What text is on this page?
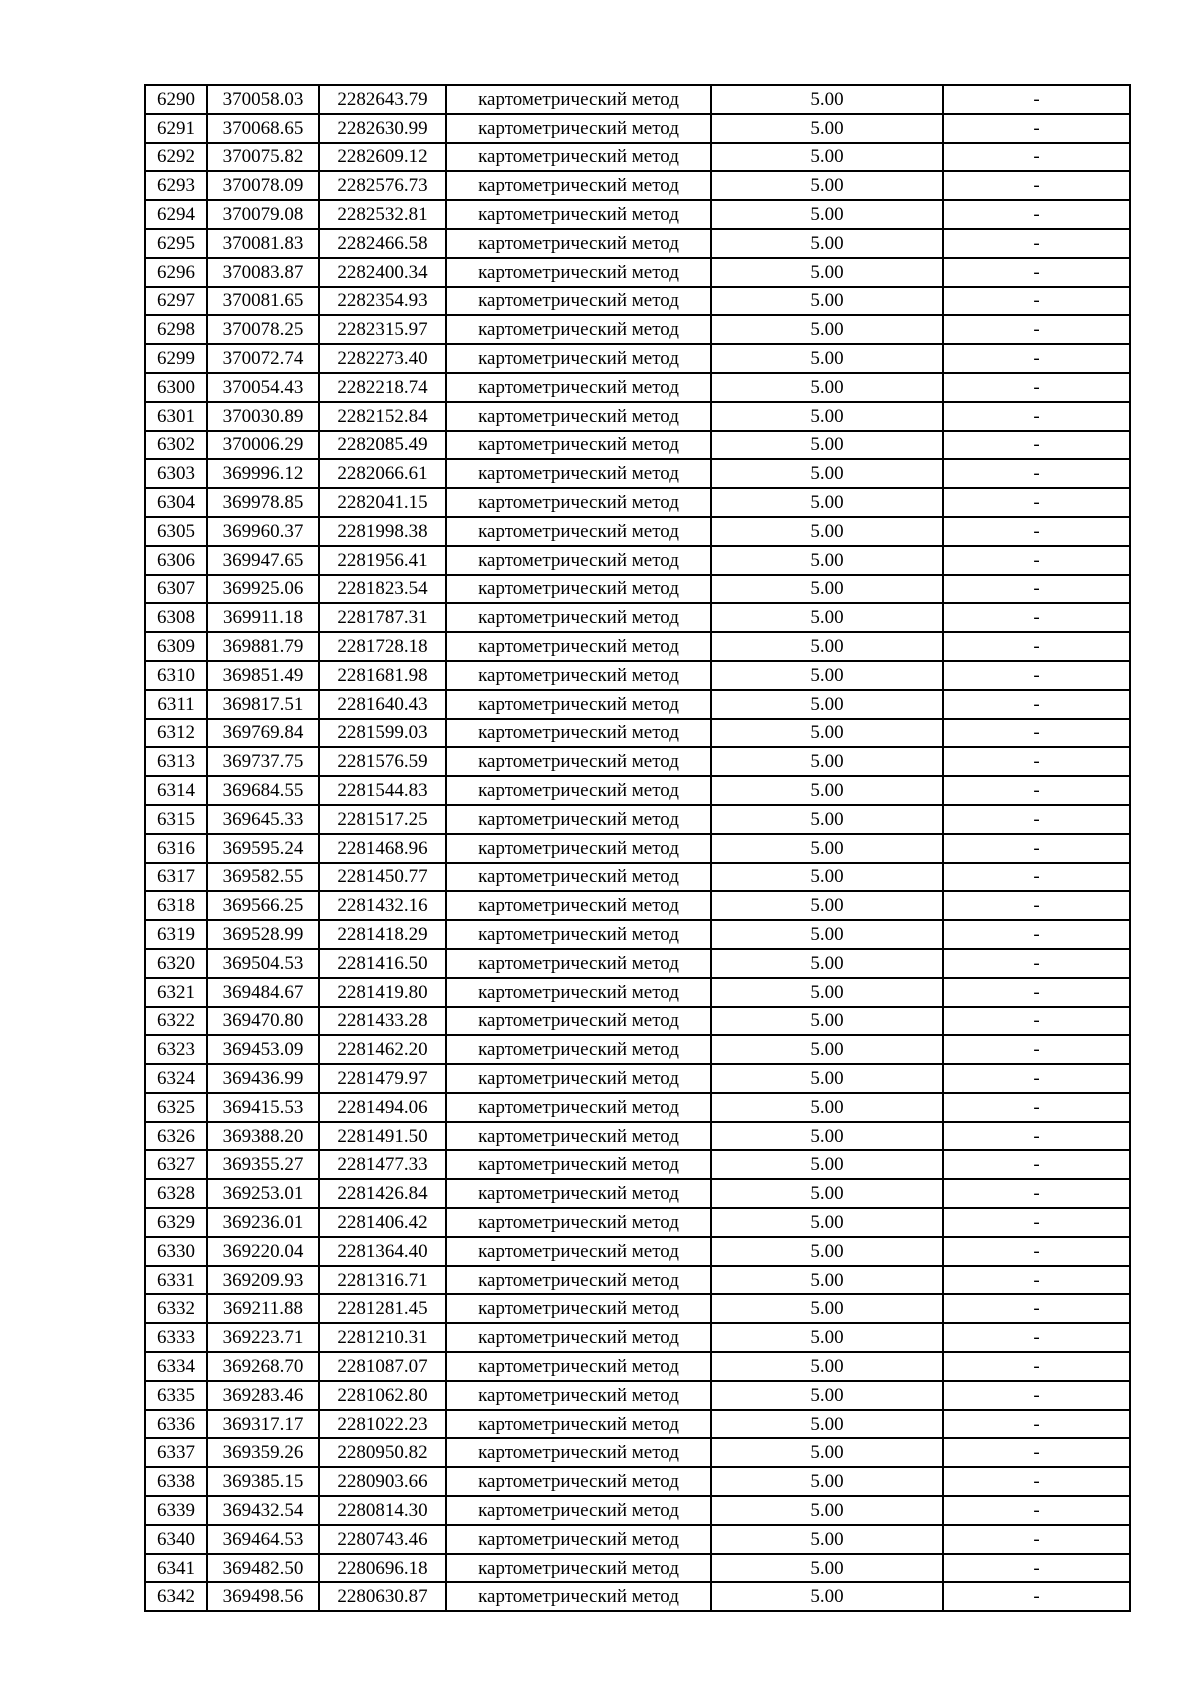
6290	370058.03	2282643.79	картометрический метод	5.00	-
6291	370068.65	2282630.99	картометрический метод	5.00	-
6292	370075.82	2282609.12	картометрический метод	5.00	-
6293	370078.09	2282576.73	картометрический метод	5.00	-
6294	370079.08	2282532.81	картометрический метод	5.00	-
6295	370081.83	2282466.58	картометрический метод	5.00	-
6296	370083.87	2282400.34	картометрический метод	5.00	-
6297	370081.65	2282354.93	картометрический метод	5.00	-
6298	370078.25	2282315.97	картометрический метод	5.00	-
6299	370072.74	2282273.40	картометрический метод	5.00	-
6300	370054.43	2282218.74	картометрический метод	5.00	-
6301	370030.89	2282152.84	картометрический метод	5.00	-
6302	370006.29	2282085.49	картометрический метод	5.00	-
6303	369996.12	2282066.61	картометрический метод	5.00	-
6304	369978.85	2282041.15	картометрический метод	5.00	-
6305	369960.37	2281998.38	картометрический метод	5.00	-
6306	369947.65	2281956.41	картометрический метод	5.00	-
6307	369925.06	2281823.54	картометрический метод	5.00	-
6308	369911.18	2281787.31	картометрический метод	5.00	-
6309	369881.79	2281728.18	картометрический метод	5.00	-
6310	369851.49	2281681.98	картометрический метод	5.00	-
6311	369817.51	2281640.43	картометрический метод	5.00	-
6312	369769.84	2281599.03	картометрический метод	5.00	-
6313	369737.75	2281576.59	картометрический метод	5.00	-
6314	369684.55	2281544.83	картометрический метод	5.00	-
6315	369645.33	2281517.25	картометрический метод	5.00	-
6316	369595.24	2281468.96	картометрический метод	5.00	-
6317	369582.55	2281450.77	картометрический метод	5.00	-
6318	369566.25	2281432.16	картометрический метод	5.00	-
6319	369528.99	2281418.29	картометрический метод	5.00	-
6320	369504.53	2281416.50	картометрический метод	5.00	-
6321	369484.67	2281419.80	картометрический метод	5.00	-
6322	369470.80	2281433.28	картометрический метод	5.00	-
6323	369453.09	2281462.20	картометрический метод	5.00	-
6324	369436.99	2281479.97	картометрический метод	5.00	-
6325	369415.53	2281494.06	картометрический метод	5.00	-
6326	369388.20	2281491.50	картометрический метод	5.00	-
6327	369355.27	2281477.33	картометрический метод	5.00	-
6328	369253.01	2281426.84	картометрический метод	5.00	-
6329	369236.01	2281406.42	картометрический метод	5.00	-
6330	369220.04	2281364.40	картометрический метод	5.00	-
6331	369209.93	2281316.71	картометрический метод	5.00	-
6332	369211.88	2281281.45	картометрический метод	5.00	-
6333	369223.71	2281210.31	картометрический метод	5.00	-
6334	369268.70	2281087.07	картометрический метод	5.00	-
6335	369283.46	2281062.80	картометрический метод	5.00	-
6336	369317.17	2281022.23	картометрический метод	5.00	-
6337	369359.26	2280950.82	картометрический метод	5.00	-
6338	369385.15	2280903.66	картометрический метод	5.00	-
6339	369432.54	2280814.30	картометрический метод	5.00	-
6340	369464.53	2280743.46	картометрический метод	5.00	-
6341	369482.50	2280696.18	картометрический метод	5.00	-
6342	369498.56	2280630.87	картометрический метод	5.00	-
